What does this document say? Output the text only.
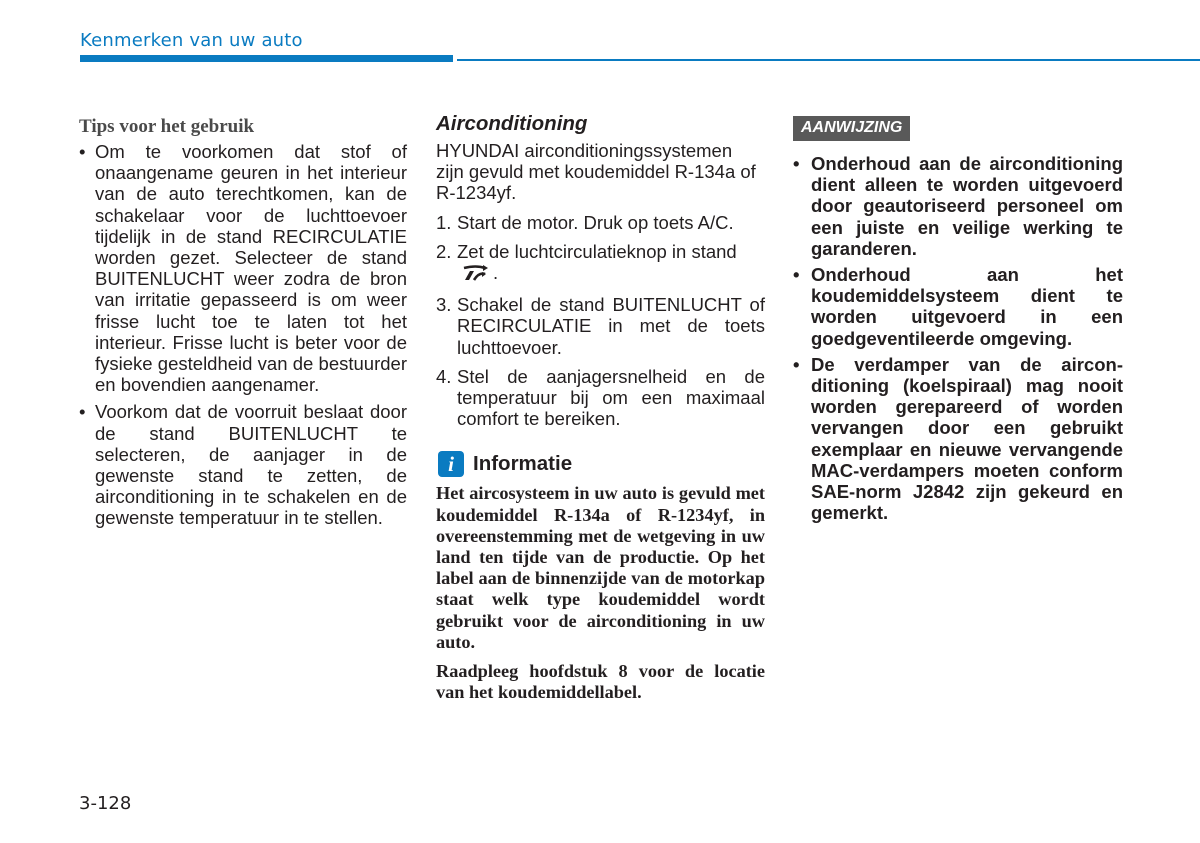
Kenmerken van uw auto
Tips voor het gebruik
• Om te voorkomen dat stof of onaangename geuren in het interieur van de auto terechtkomen, kan de schakelaar voor de luchttoevoer tijdelijk in de stand RECIRCULATIE worden gezet. Selecteer de stand BUITENLUCHT weer zodra de bron van irritatie gepasseerd is om weer frisse lucht toe te laten tot het interieur. Frisse lucht is beter voor de fysieke gesteldheid van de bestuurder en bovendien aangenamer.
• Voorkom dat de voorruit beslaat door de stand BUITENLUCHT te selecteren, de aanjager in de gewenste stand te zetten, de airconditioning in te schakelen en de gewenste temperatuur in te stellen.
Airconditioning

HYUNDAI airconditioningssystemen zijn gevuld met koudemiddel R-134a of R-1234yf.

1. Start de motor. Druk op toets A/C.
2. Zet de luchtcirculatieknop in stand
.
3. Schakel de stand BUITENLUCHT of RECIRCULATIE in met de toets luchttoevoer.
4. Stel de aanjagersnelheid en de temperatuur bij om een maximaal comfort te bereiken.
i Informatie

Het aircosysteem in uw auto is gevuld met koudemiddel R-134a of R-1234yf, in overeenstemming met de wetgeving in uw land ten tijde van de productie. Op het label aan de binnenzijde van de motorkap staat welk type koudemiddel wordt gebruikt voor de airconditioning in uw auto.

Raadpleeg hoofdstuk 8 voor de locatie van het koudemiddellabel.

AANWIJZING
• Onderhoud aan de airconditioning dient alleen te worden uitgevoerd door geautoriseerd personeel om een juiste en veilige werking te garanderen.
• Onderhoud aan het koudemiddelsysteem dient te worden uitgevoerd in een goedgeventileerde omgeving.
• De verdamper van de airconditioning (koelspiraal) mag nooit worden gerepareerd of worden vervangen door een gebruikt exemplaar en nieuwe vervangende MAC-verdampers moeten conform SAE-norm J2842 zijn gekeurd en gemerkt.
3-128
